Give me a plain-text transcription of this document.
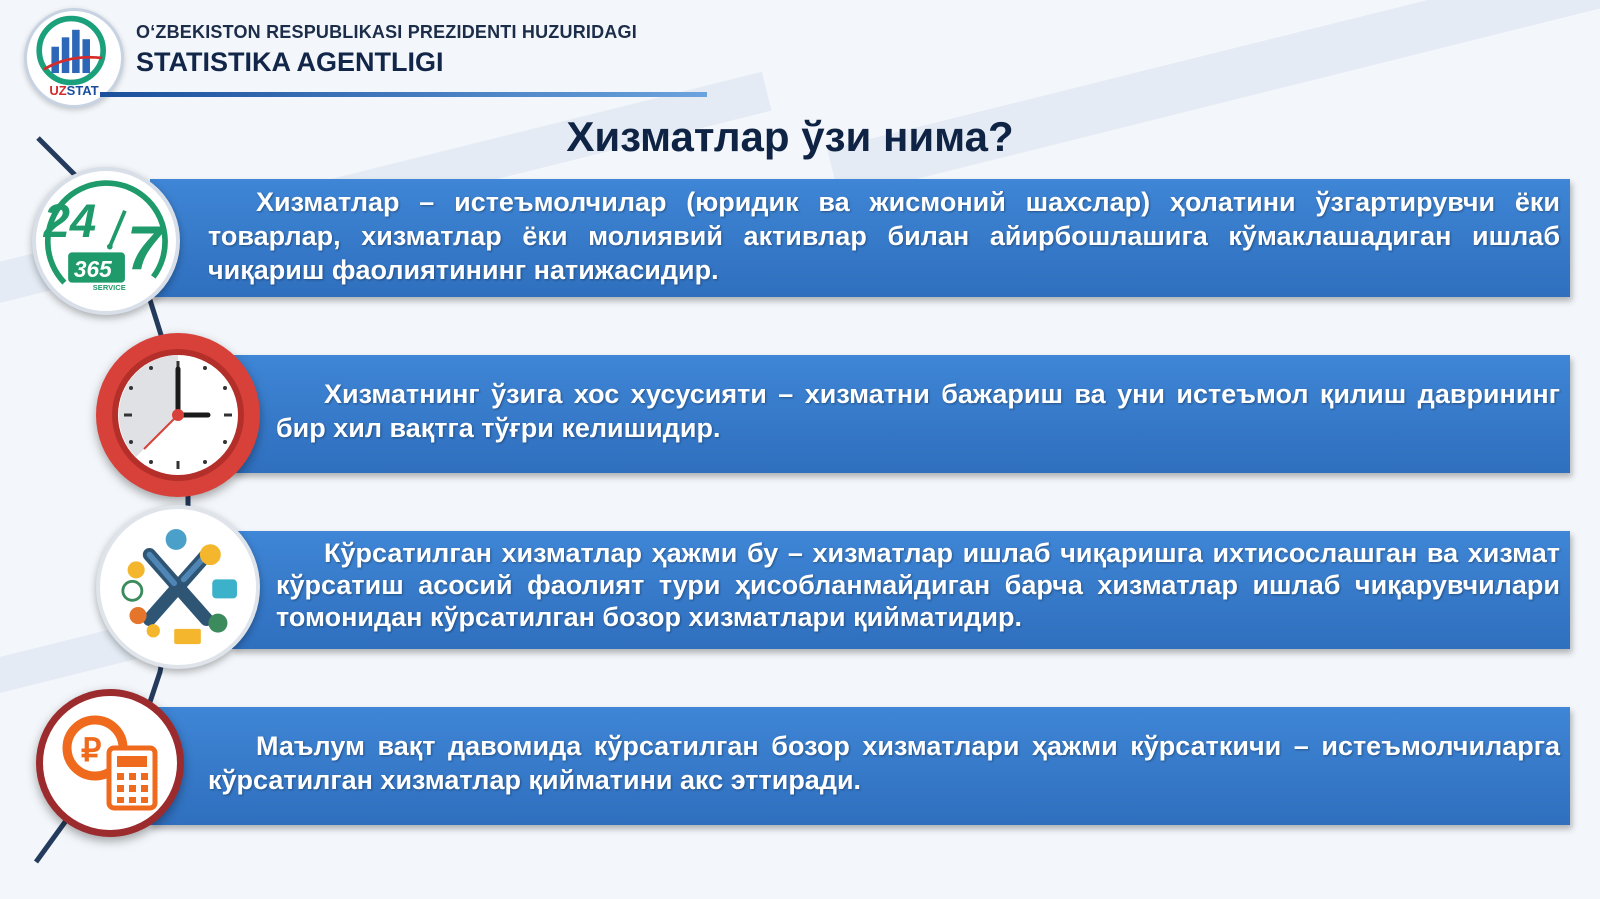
UZSTAT
O‘ZBEKISTON RESPUBLIKASI PREZIDENTI HUZURIDAGI
STATISTIKA AGENTLIGI
Хизматлар ўзи нима?

Хизматлар – истеъмолчилар (юридик ва жисмоний шахслар) ҳолатини ўзгартирувчи ёки товарлар, хизматлар ёки молиявий активлар билан айирбошлашига кўмаклашадиган ишлаб чиқариш фаолиятининг натижасидир.

24 7
365
SERVICE

Хизматнинг ўзига хос хусусияти – хизматни бажариш ва уни истеъмол қилиш даврининг бир хил вақтга тўғри келишидир.

Кўрсатилган хизматлар ҳажми бу – хизматлар ишлаб чиқаришга ихтисослашган ва хизмат кўрсатиш асосий фаолият тури ҳисобланмайдиган барча хизматлар ишлаб чиқарувчилари томонидан кўрсатилган бозор хизматлари қийматидир.

Маълум вақт давомида кўрсатилган бозор хизматлари ҳажми кўрсаткичи – истеъмолчиларга кўрсатилган хизматлар қийматини акс эттиради.

₽
